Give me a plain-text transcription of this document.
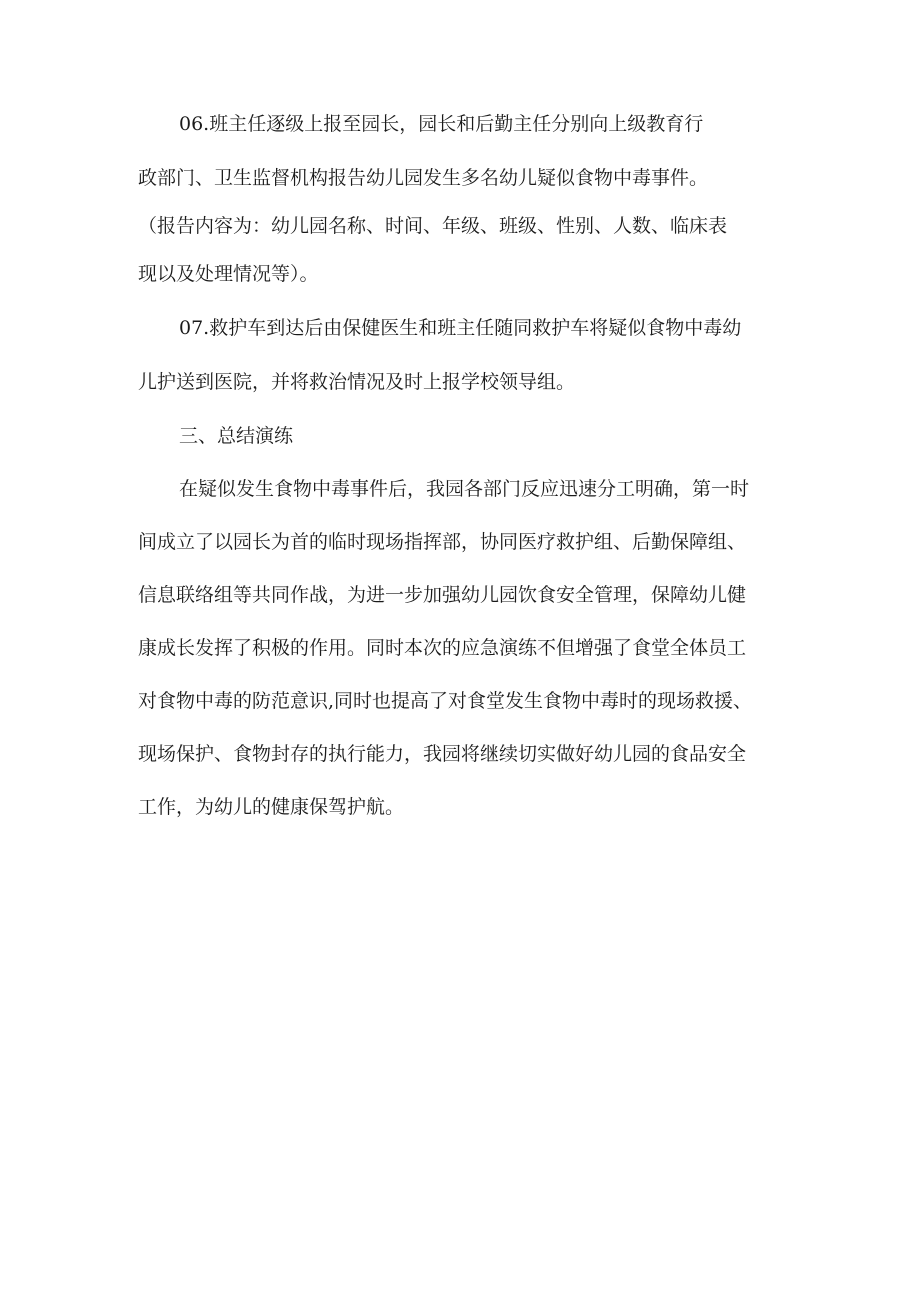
06.班主任逐级上报至园长，园长和后勤主任分别向上级教育行
政部门、卫生监督机构报告幼儿园发生多名幼儿疑似食物中毒事件。
（报告内容为：幼儿园名称、时间、年级、班级、性别、人数、临床表
现以及处理情况等）。
07.救护车到达后由保健医生和班主任随同救护车将疑似食物中毒幼
儿护送到医院，并将救治情况及时上报学校领导组。
三、总结演练
在疑似发生食物中毒事件后，我园各部门反应迅速分工明确，第一时
间成立了以园长为首的临时现场指挥部，协同医疗救护组、后勤保障组、
信息联络组等共同作战，为进一步加强幼儿园饮食安全管理，保障幼儿健
康成长发挥了积极的作用。同时本次的应急演练不但增强了食堂全体员工
对食物中毒的防范意识,同时也提高了对食堂发生食物中毒时的现场救援、
现场保护、食物封存的执行能力，我园将继续切实做好幼儿园的食品安全
工作，为幼儿的健康保驾护航。
